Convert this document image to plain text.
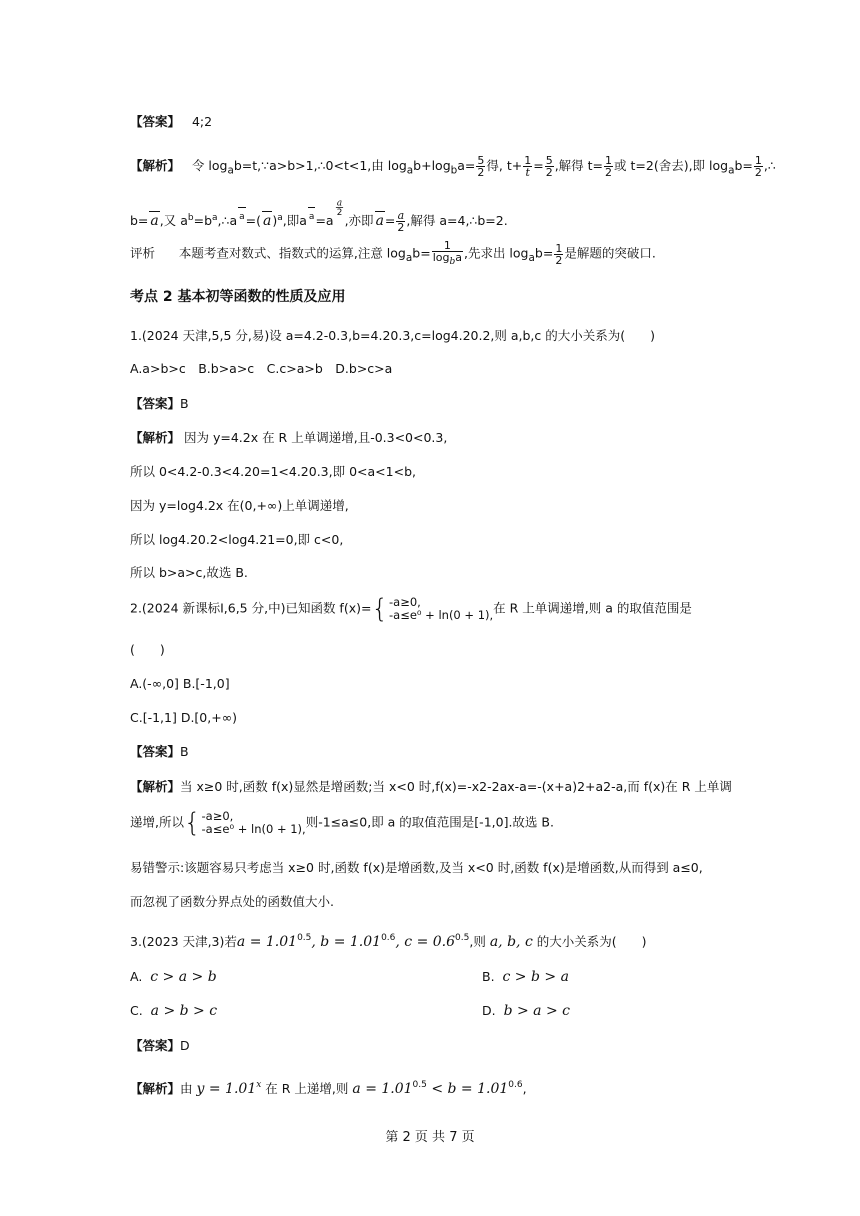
【答案】 4;2
【解析】 令 $\log_ab=t,\because a>b>1,\therefore 0<t<1$,由 $\log_ab+\log_ba= \frac{5}{2}$ 得, $t+ \frac{1}{t} = \frac{5}{2}$ ,解得 $t= \frac{1}{2}$ 或 t=2(舍去),即 $\log_ab= \frac{1}{2}$ ,∴
b= a,又 $a^b=b^a,\therefore a$ $^a$=( a)$^a$,即a $^a$=a
$\frac{a}{2}$
,亦即 $a= \frac{a}{2}$ ,解得 a=4,∴b=2.
评析 本题考查对数式、指数式的运算,注意 $\log_ab= \frac{1}{\log_ba}$ ,先求出 $\log_ab= \frac{1}{2}$ 是解题的突破口.
考点 2 基本初等函数的性质及应用
1.(2024 天津,5,5 分,易)设 a=4.2-0.3,b=4.20.3,c=log4.20.2,则 a,b,c 的大小关系为(　　)
A.a>b>c　B.b>a>c　C.c>a>b　D.b>c>a
【答案】B
【解析】 因为 y=4.2x 在 R 上单调递增,且-0.3<0<0.3,
所以 0<4.2-0.3<4.20=1<4.20.3,即 0<a<1<b,
因为 y=log4.2x 在(0,+∞)上单调递增,
所以 log4.20.2<log4.21=0,即 c<0,
所以 b>a>c,故选 B.
2.(2024 新课标Ⅰ,6,5 分,中)已知函数 f(x)={ -a≥0,
-a≤e⁰ + ln(0 + 1), 在 R 上单调递增,则 a 的取值范围是
(　　)
A.(-∞,0] B.[-1,0]
C.[-1,1] D.[0,+∞)
【答案】B
【解析】当 x≥0 时,函数 f(x)显然是增函数;当 x<0 时,f(x)=-x2-2ax-a=-(x+a)2+a2-a,而 f(x)在 R 上单调
递增,所以{ -a≥0,
-a≤e⁰ + ln(0 + 1), 则-1≤a≤0,即 a 的取值范围是[-1,0].故选 B.
易错警示:该题容易只考虑当 x≥0 时,函数 f(x)是增函数,及当 x<0 时,函数 f(x)是增函数,从而得到 a≤0,
而忽视了函数分界点处的函数值大小.
3.(2023 天津,3)若$a = 1.01^{0.5}$, $b = 1.01^{0.6}$, $c = 0.6^{0.5}$,则 a, b, c 的大小关系为(　　)
A. c > a > b	B. c > b > a
C. a > b > c	D. b > a > c
【答案】D
【解析】由 $y = 1.01^x$ 在 R 上递增,则 $a = 1.01^{0.5} < b = 1.01^{0.6}$,
第 2 页 共 7 页
